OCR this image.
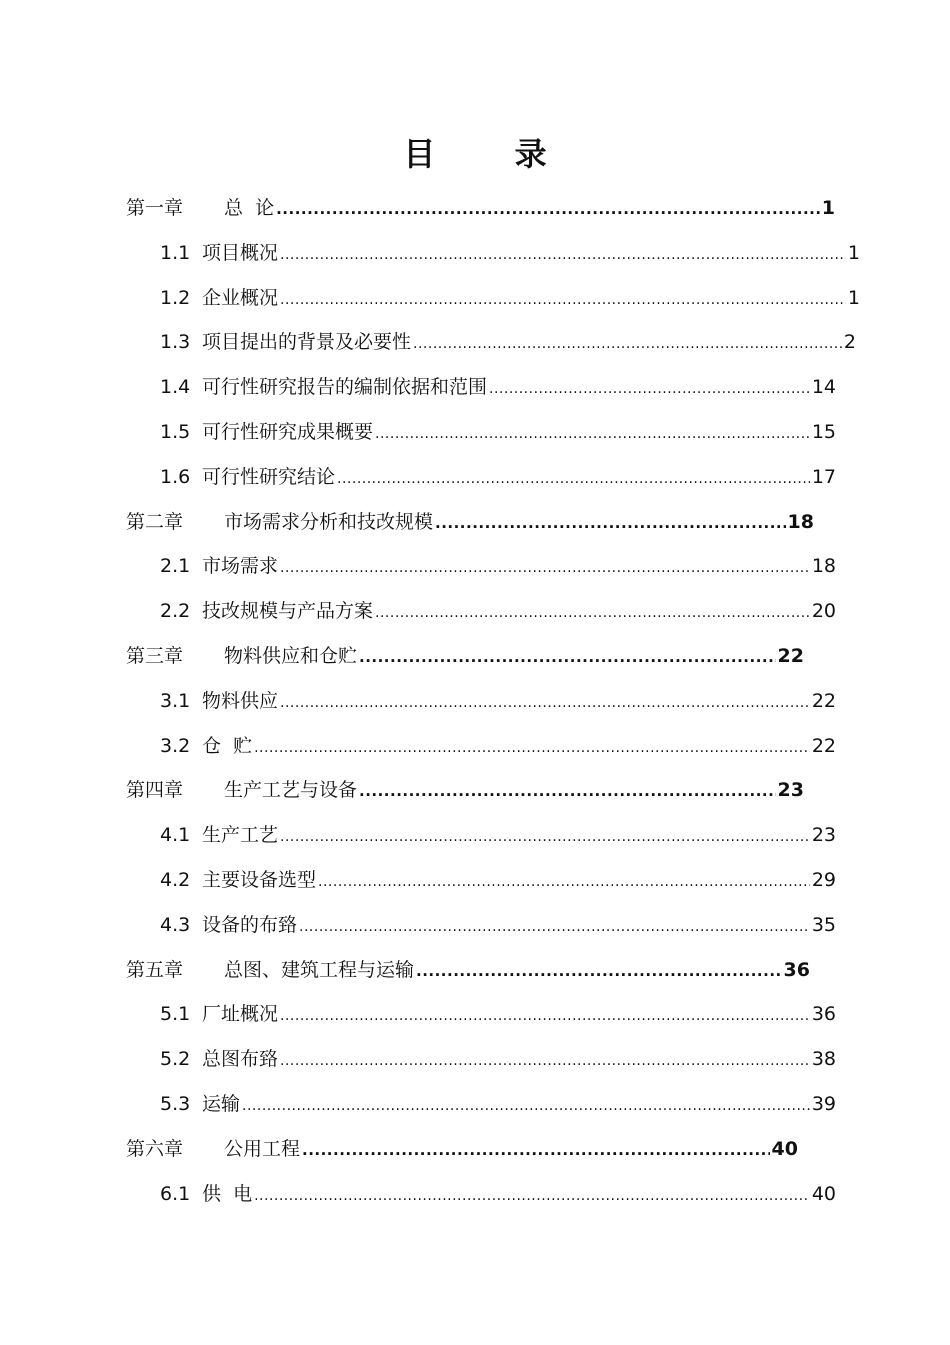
目 录
第一章 总  论 .....	1
1.1 项目概况 .....	1
1.2 企业概况 .....	1
1.3 项目提出的背景及必要性 .....	2
1.4 可行性研究报告的编制依据和范围 .....	14
1.5 可行性研究成果概要 .....	15
1.6 可行性研究结论 .....	17
第二章 市场需求分析和技改规模 .....	18
2.1 市场需求 .....	18
2.2 技改规模与产品方案 .....	20
第三章 物料供应和仓贮 .....	22
3.1 物料供应 .....	22
3.2 仓  贮 .....	22
第四章 生产工艺与设备 .....	23
4.1 生产工艺 .....	23
4.2 主要设备选型 .....	29
4.3 设备的布臵 .....	35
第五章 总图、建筑工程与运输 .....	36
5.1 厂址概况 .....	36
5.2 总图布臵 .....	38
5.3 运输 .....	39
第六章 公用工程 .....	40
6.1 供  电 .....	40
